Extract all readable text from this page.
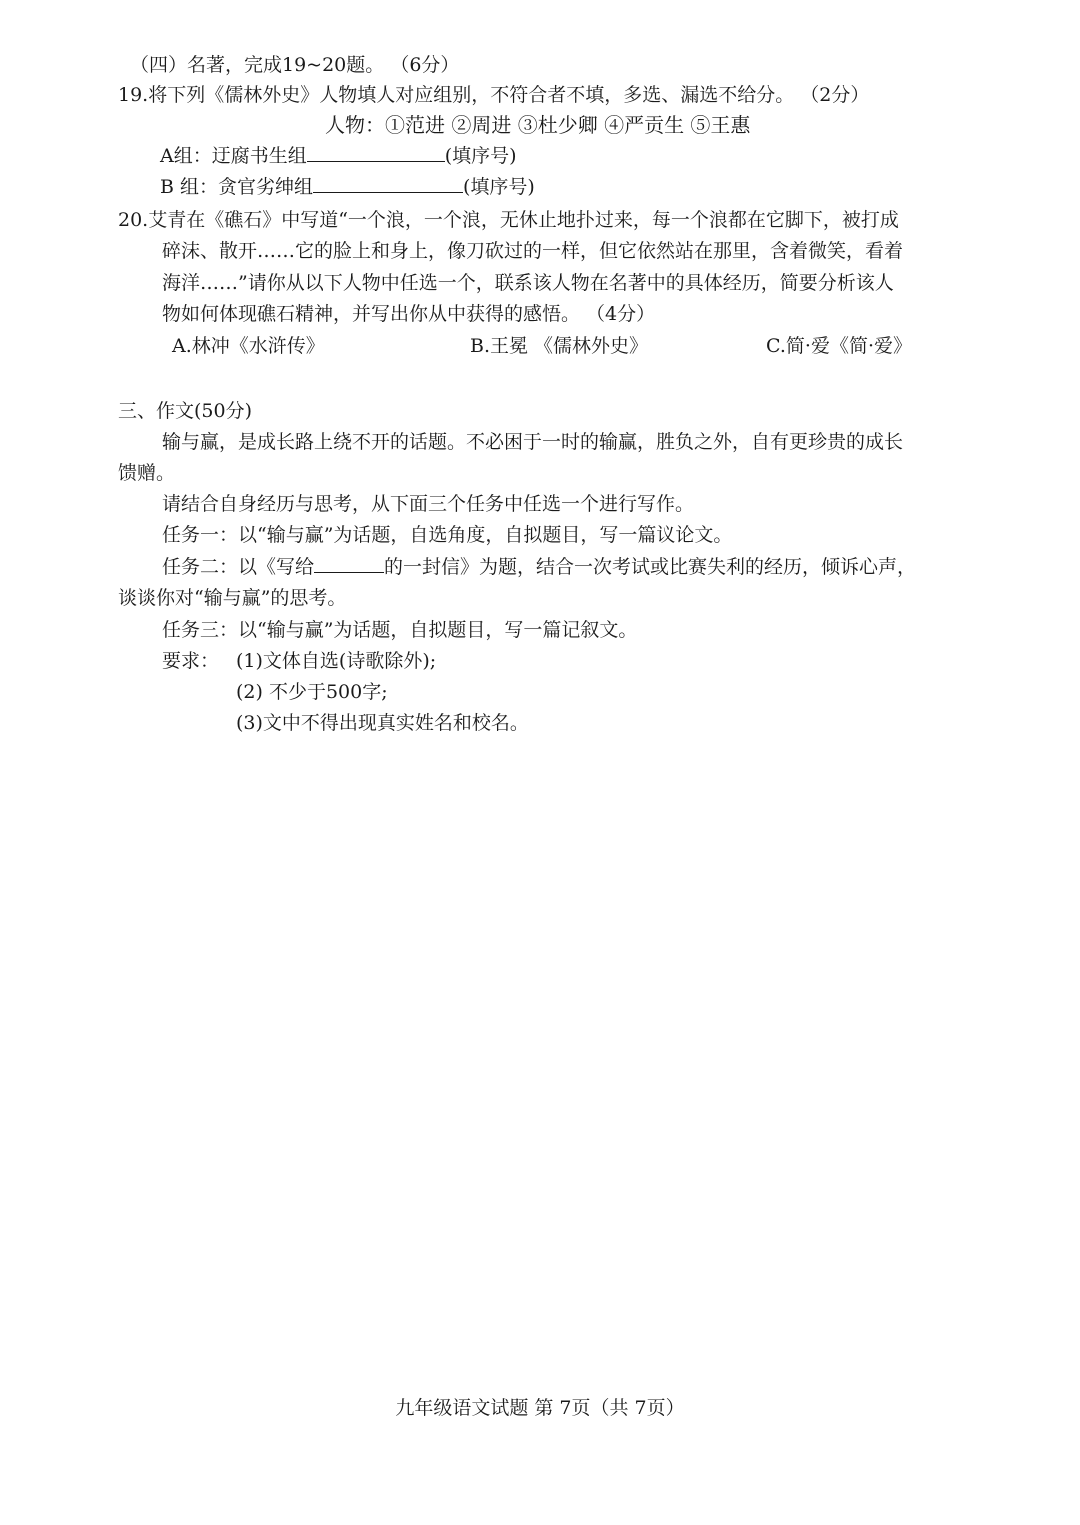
（四）名著，完成19~20题。 （6分）
19.将下列《儒林外史》人物填人对应组别，不符合者不填，多选、漏选不给分。 （2分）
人物：①范进 ②周进 ③杜少卿 ④严贡生 ⑤王惠
A组：迂腐书生组	(填序号)
B 组：贪官劣绅组	(填序号)
20.艾青在《礁石》中写道“一个浪，一个浪，无休止地扑过来，每一个浪都在它脚下，被打成
碎沫、散开……它的脸上和身上，像刀砍过的一样，但它依然站在那里，含着微笑，看着
海洋……”请你从以下人物中任选一个，联系该人物在名著中的具体经历，简要分析该人
物如何体现礁石精神，并写出你从中获得的感悟。 （4分）
A.林冲《水浒传》	B.王冕 《儒林外史》	C.简·爱《简·爱》
三、作文(50分)
输与赢，是成长路上绕不开的话题。不必困于一时的输赢，胜负之外，自有更珍贵的成长
馈赠。
请结合自身经历与思考，从下面三个任务中任选一个进行写作。
任务一：以“输与赢”为话题，自选角度，自拟题目，写一篇议论文。
任务二：以《写给	的一封信》为题，结合一次考试或比赛失利的经历，倾诉心声，
谈谈你对“输与赢”的思考。
任务三：以“输与赢”为话题，自拟题目，写一篇记叙文。
要求： (1)文体自选(诗歌除外);
(2) 不少于500字;
(3)文中不得出现真实姓名和校名。
九年级语文试题 第 7页（共 7页）
